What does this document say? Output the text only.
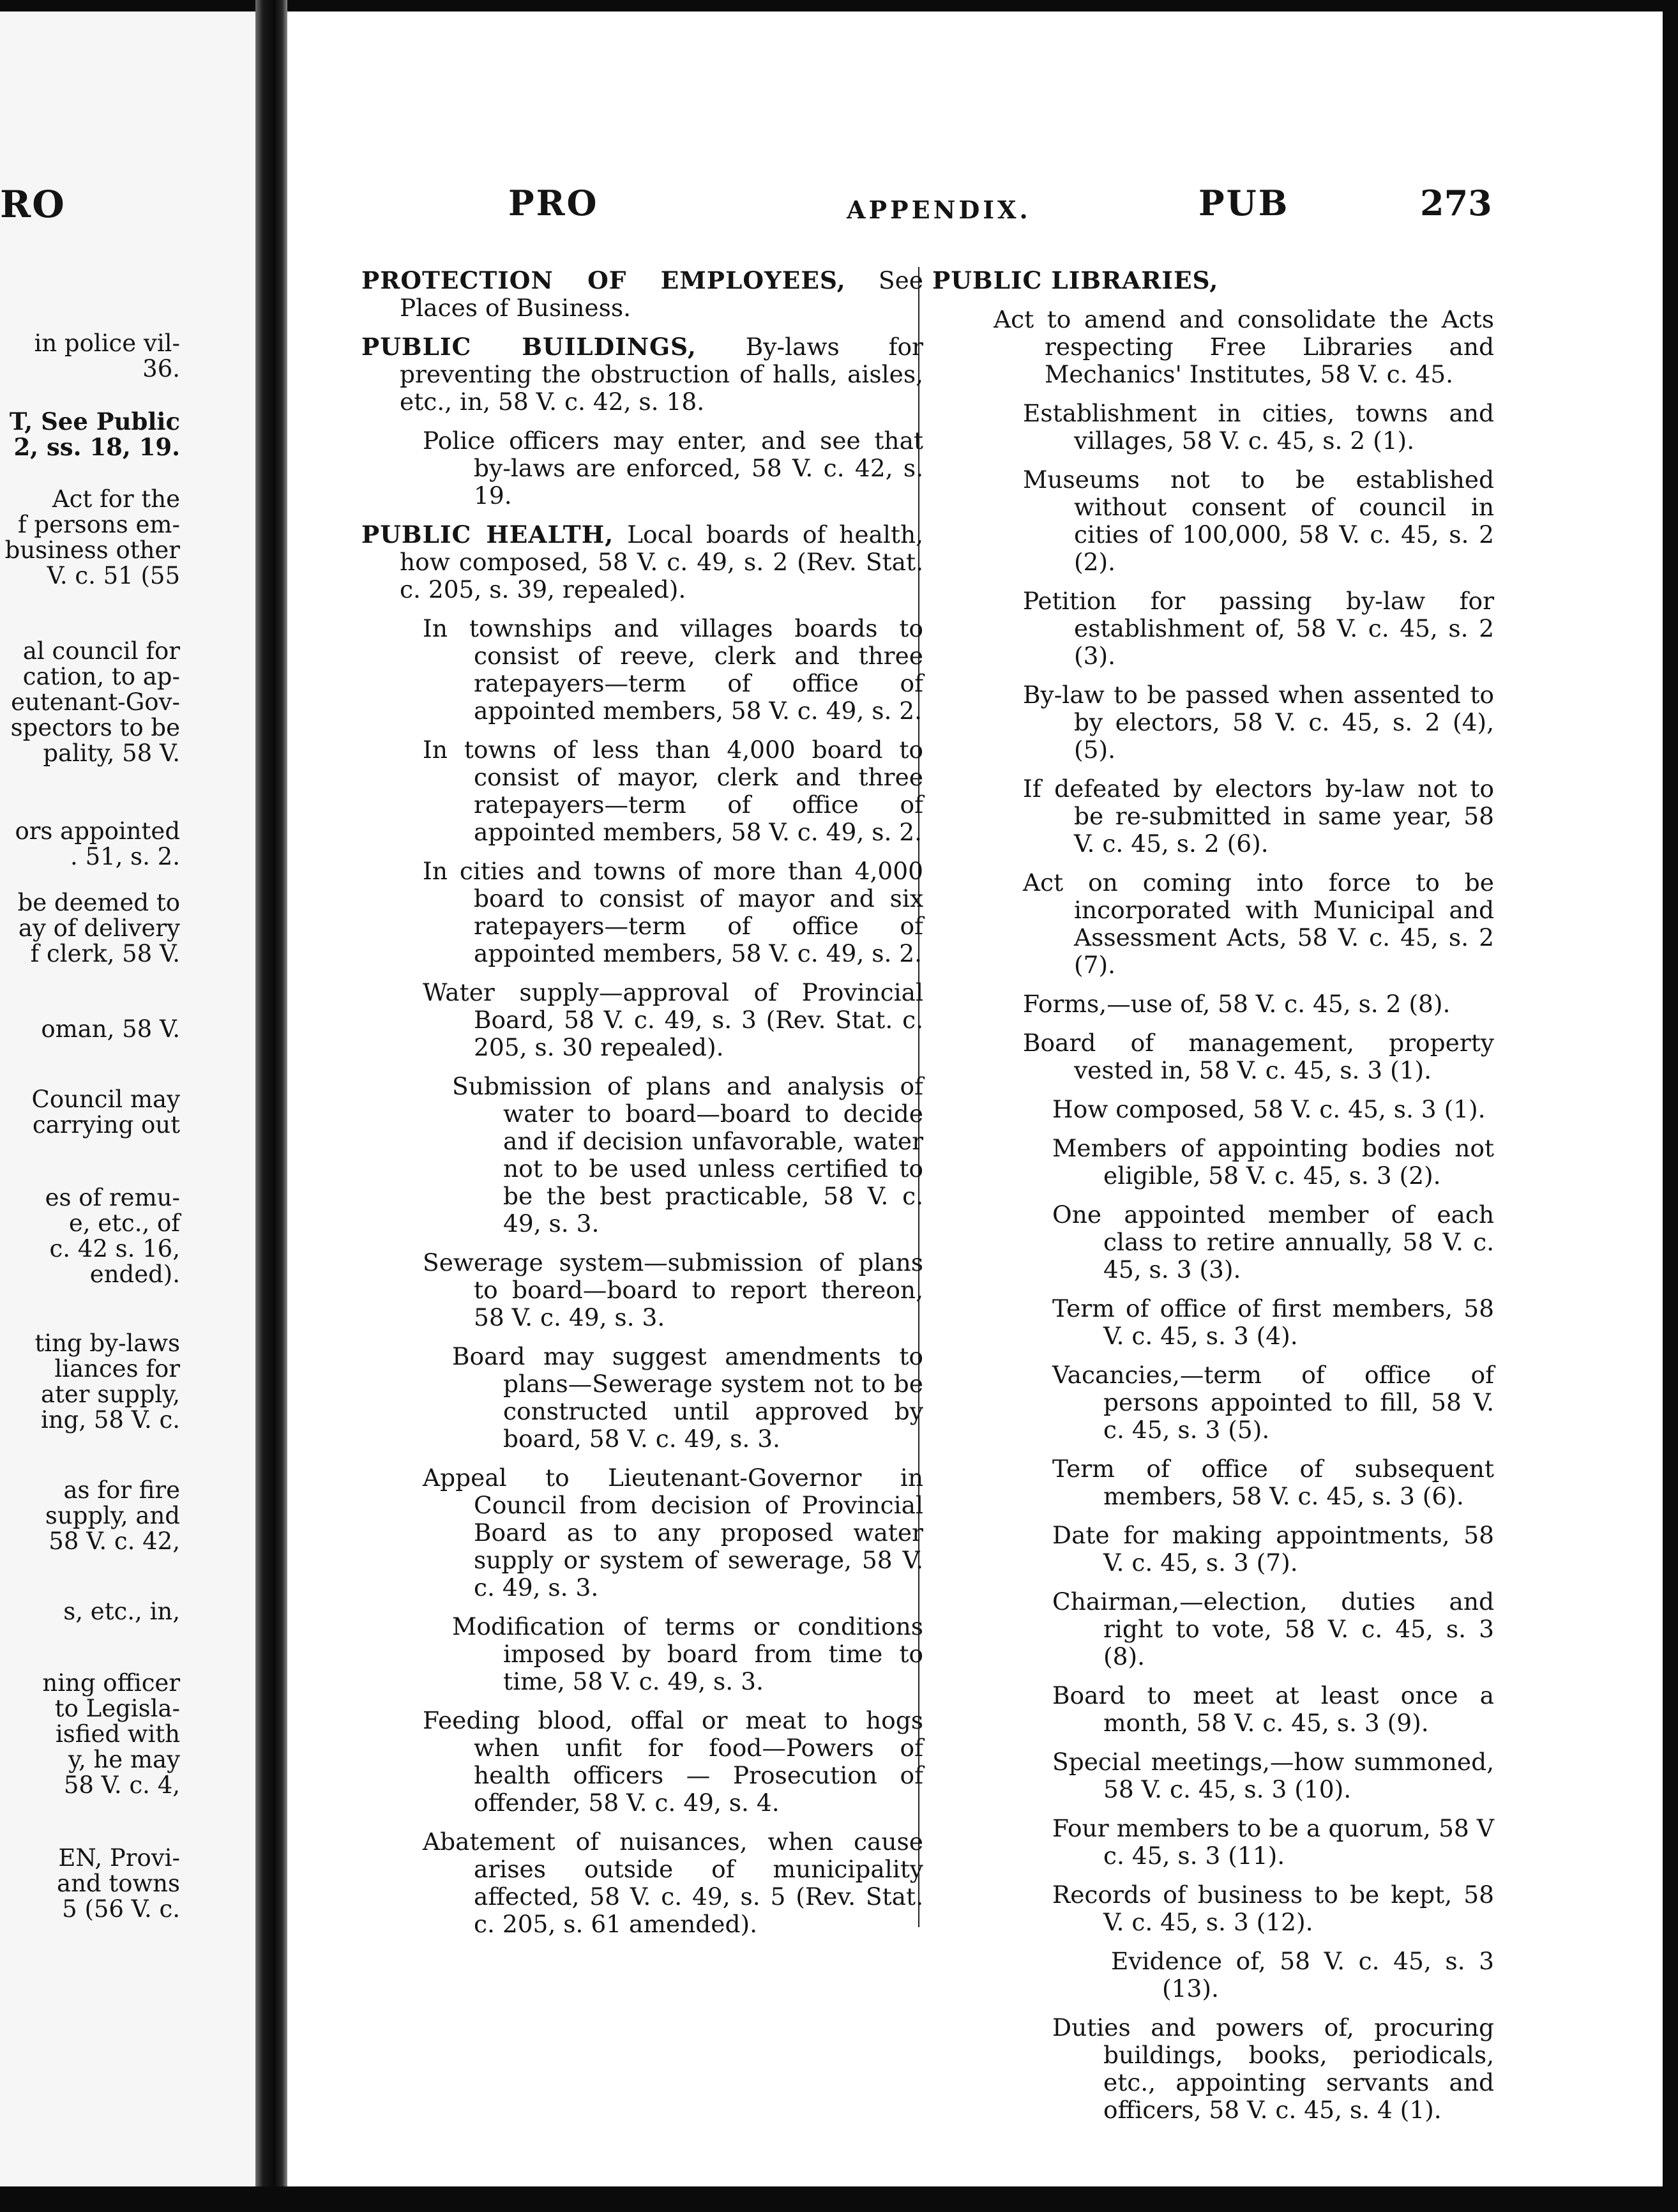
RO
in police vil-
36.
T, See Public
2, ss. 18, 19.
Act for the
f persons em-
business other
V. c. 51 (55
al council for
cation, to ap-
eutenant-Gov-
spectors to be
pality, 58 V.
ors appointed
. 51, s. 2.
be deemed to
ay of delivery
f clerk, 58 V.
oman, 58 V.
Council may
carrying out
es of remu-
e, etc., of
c. 42 s. 16,
ended).
ting by-laws
liances for
ater supply,
ing, 58 V. c.
as for fire
supply, and
58 V. c. 42,
s, etc., in,
ning officer
to Legisla-
isfied with
y, he may
58 V. c. 4,
EN, Provi-
and towns
5 (56 V. c.
PRO	APPENDIX.	PUB	273
PROTECTION OF EMPLOYEES, See Places of Business.
PUBLIC BUILDINGS, By-laws for preventing the obstruction of halls, aisles, etc., in, 58 V. c. 42, s. 18.
Police officers may enter, and see that by-laws are enforced, 58 V. c. 42, s. 19.
PUBLIC HEALTH, Local boards of health, how composed, 58 V. c. 49, s. 2 (Rev. Stat. c. 205, s. 39, repealed).
In townships and villages boards to consist of reeve, clerk and three ratepayers—term of office of appointed members, 58 V. c. 49, s. 2.
In towns of less than 4,000 board to consist of mayor, clerk and three ratepayers—term of office of appointed members, 58 V. c. 49, s. 2.
In cities and towns of more than 4,000 board to consist of mayor and six ratepayers—term of office of appointed members, 58 V. c. 49, s. 2.
Water supply—approval of Provincial Board, 58 V. c. 49, s. 3 (Rev. Stat. c. 205, s. 30 repealed).
Submission of plans and analysis of water to board—board to decide and if decision unfavorable, water not to be used unless certified to be the best practicable, 58 V. c. 49, s. 3.
Sewerage system—submission of plans to board—board to report thereon, 58 V. c. 49, s. 3.
Board may suggest amendments to plans—Sewerage system not to be constructed until approved by board, 58 V. c. 49, s. 3.
Appeal to Lieutenant-Governor in Council from decision of Provincial Board as to any proposed water supply or system of sewerage, 58 V. c. 49, s. 3.
Modification of terms or conditions imposed by board from time to time, 58 V. c. 49, s. 3.
Feeding blood, offal or meat to hogs when unfit for food—Powers of health officers — Prosecution of offender, 58 V. c. 49, s. 4.
Abatement of nuisances, when cause arises outside of municipality affected, 58 V. c. 49, s. 5 (Rev. Stat. c. 205, s. 61 amended).
PUBLIC LIBRARIES,
Act to amend and consolidate the Acts respecting Free Libraries and Mechanics' Institutes, 58 V. c. 45.
Establishment in cities, towns and villages, 58 V. c. 45, s. 2 (1).
Museums not to be established without consent of council in cities of 100,000, 58 V. c. 45, s. 2 (2).
Petition for passing by-law for establishment of, 58 V. c. 45, s. 2 (3).
By-law to be passed when assented to by electors, 58 V. c. 45, s. 2 (4), (5).
If defeated by electors by-law not to be re-submitted in same year, 58 V. c. 45, s. 2 (6).
Act on coming into force to be incorporated with Municipal and Assessment Acts, 58 V. c. 45, s. 2 (7).
Forms,—use of, 58 V. c. 45, s. 2 (8).
Board of management, property vested in, 58 V. c. 45, s. 3 (1).
How composed, 58 V. c. 45, s. 3 (1).
Members of appointing bodies not eligible, 58 V. c. 45, s. 3 (2).
One appointed member of each class to retire annually, 58 V. c. 45, s. 3 (3).
Term of office of first members, 58 V. c. 45, s. 3 (4).
Vacancies,—term of office of persons appointed to fill, 58 V. c. 45, s. 3 (5).
Term of office of subsequent members, 58 V. c. 45, s. 3 (6).
Date for making appointments, 58 V. c. 45, s. 3 (7).
Chairman,—election, duties and right to vote, 58 V. c. 45, s. 3 (8).
Board to meet at least once a month, 58 V. c. 45, s. 3 (9).
Special meetings,—how summoned, 58 V. c. 45, s. 3 (10).
Four members to be a quorum, 58 V c. 45, s. 3 (11).
Records of business to be kept, 58 V. c. 45, s. 3 (12).
Evidence of, 58 V. c. 45, s. 3 (13).
Duties and powers of, procuring buildings, books, periodicals, etc., appointing servants and officers, 58 V. c. 45, s. 4 (1).
